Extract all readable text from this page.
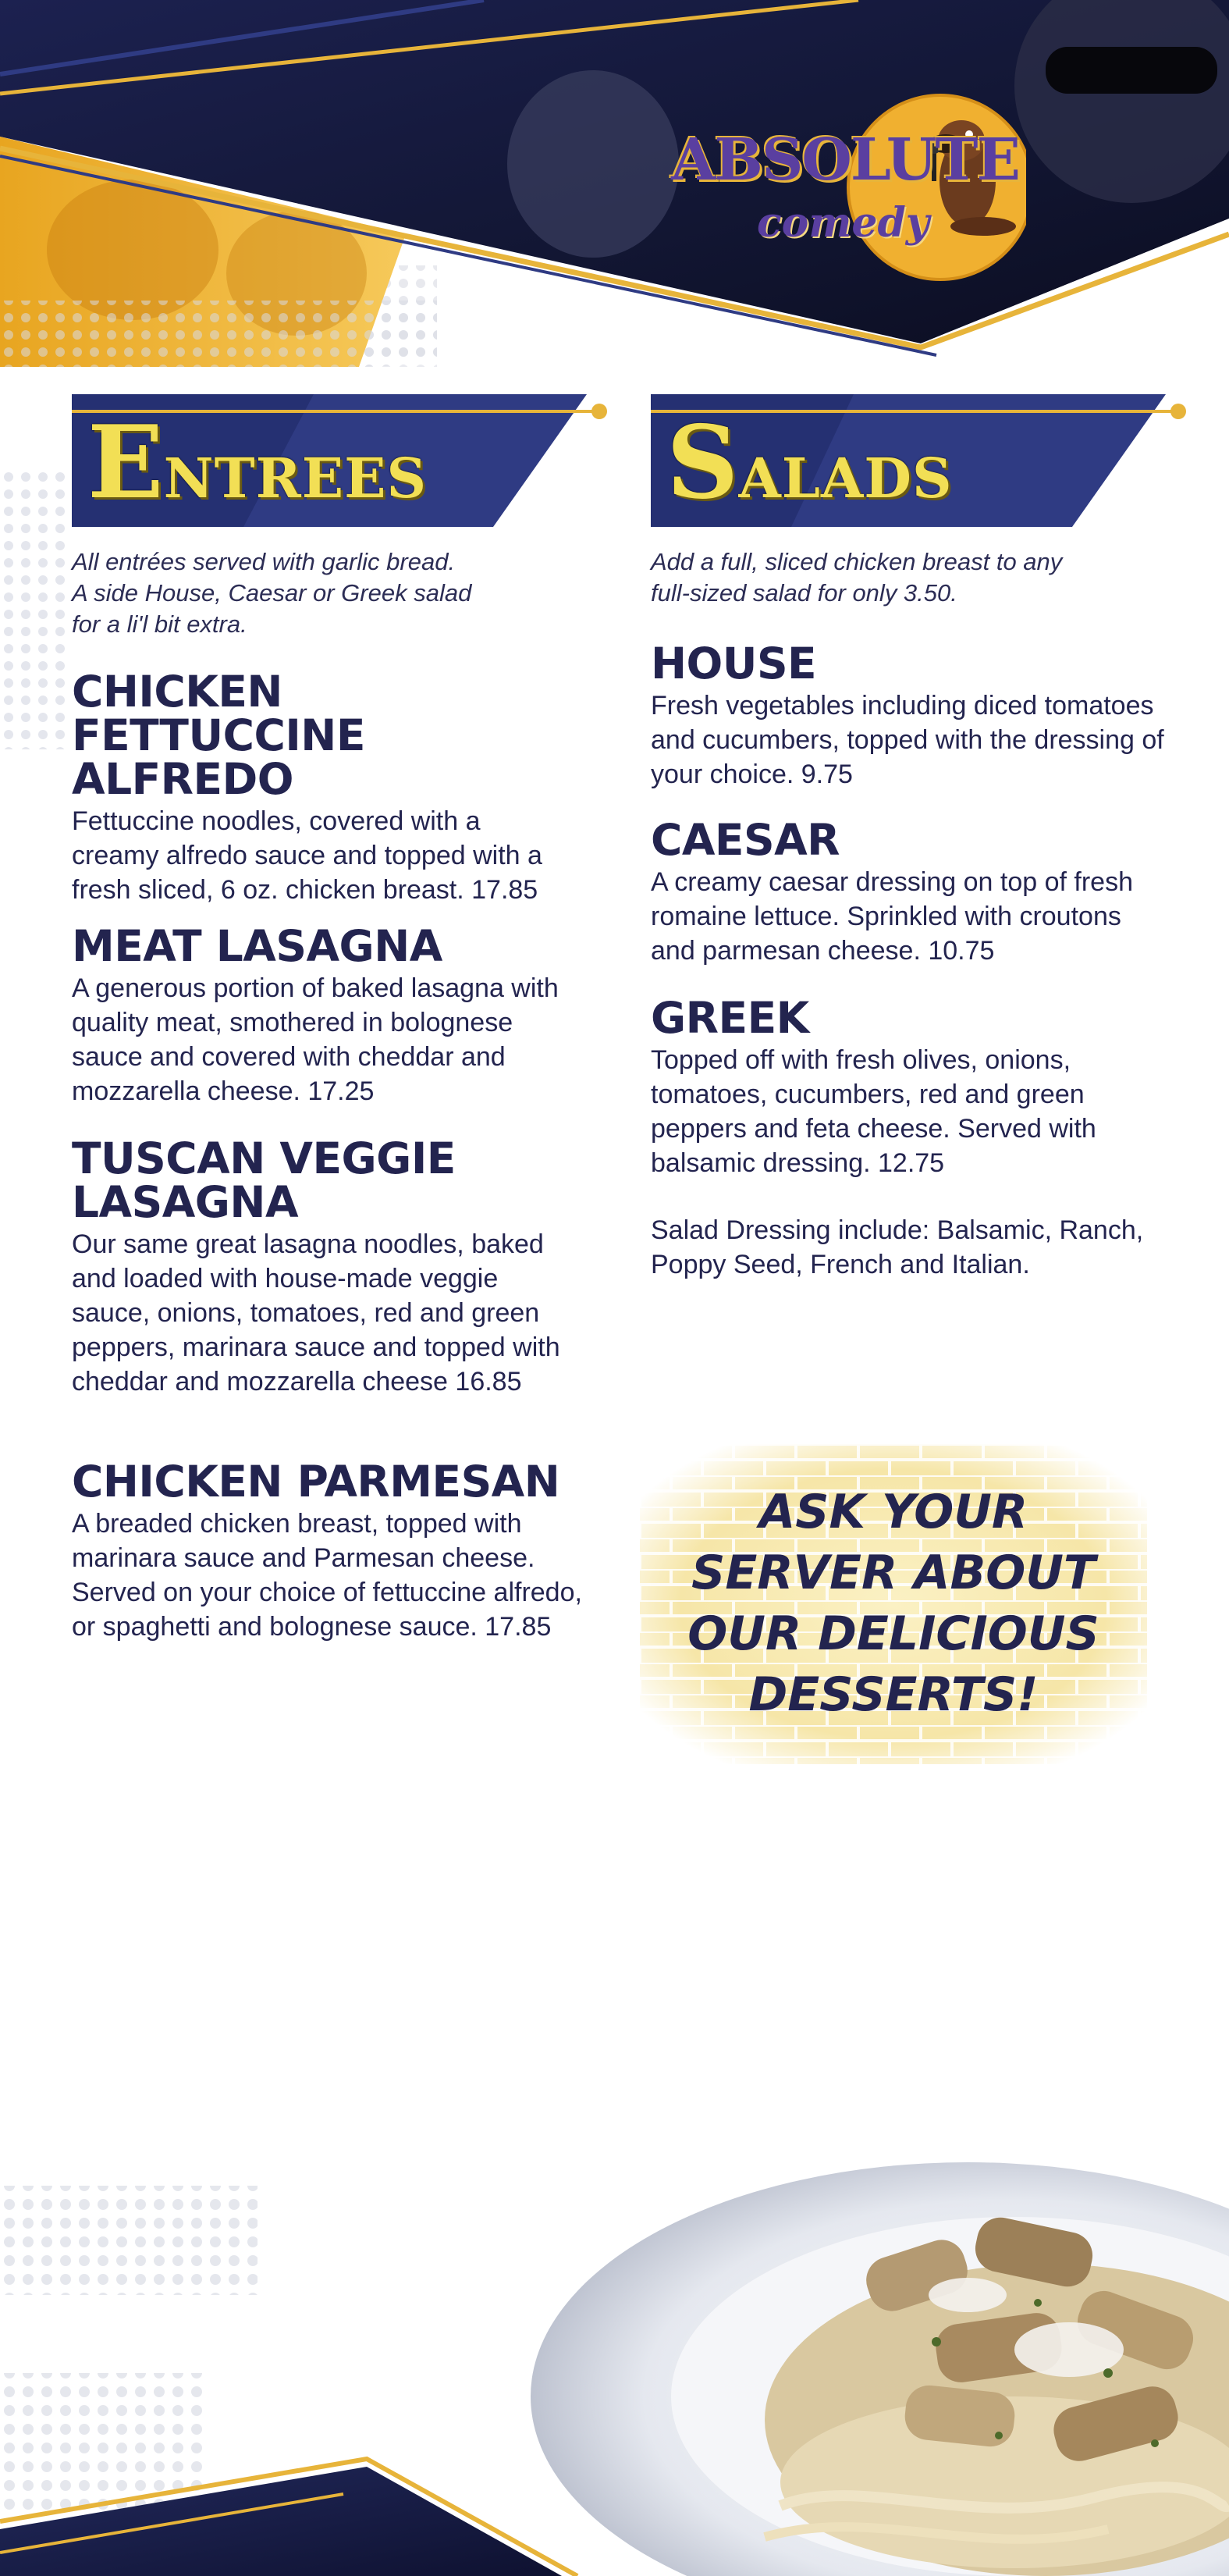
ABSOLUTE
comedy
ENTREES SALADS
All entrées served with garlic bread.
A side House, Caesar or Greek salad
for a li'l bit extra.
CHICKEN FETTUCCINE ALFREDO

Fettuccine noodles, covered with a creamy alfredo sauce and topped with a fresh sliced, 6 oz. chicken breast. 17.85

MEAT LASAGNA

A generous portion of baked lasagna with quality meat, smothered in bolognese sauce and covered with cheddar and mozzarella cheese. 17.25

TUSCAN VEGGIE LASAGNA

Our same great lasagna noodles, baked and loaded with house-made veggie sauce, onions, tomatoes, red and green peppers, marinara sauce and topped with cheddar and mozzarella cheese 16.85

CHICKEN PARMESAN

A breaded chicken breast, topped with marinara sauce and Parmesan cheese. Served on your choice of fettuccine alfredo, or spaghetti and bolognese sauce. 17.85

Add a full, sliced chicken breast to any
full-sized salad for only 3.50.
HOUSE

Fresh vegetables including diced tomatoes and cucumbers, topped with the dressing of your choice. 9.75

CAESAR

A creamy caesar dressing on top of fresh romaine lettuce. Sprinkled with croutons and parmesan cheese. 10.75

GREEK

Topped off with fresh olives, onions, tomatoes, cucumbers, red and green peppers and feta cheese. Served with balsamic dressing. 12.75

Salad Dressing include: Balsamic, Ranch, Poppy Seed, French and Italian.

ASK YOUR
SERVER ABOUT
OUR DELICIOUS
DESSERTS!
